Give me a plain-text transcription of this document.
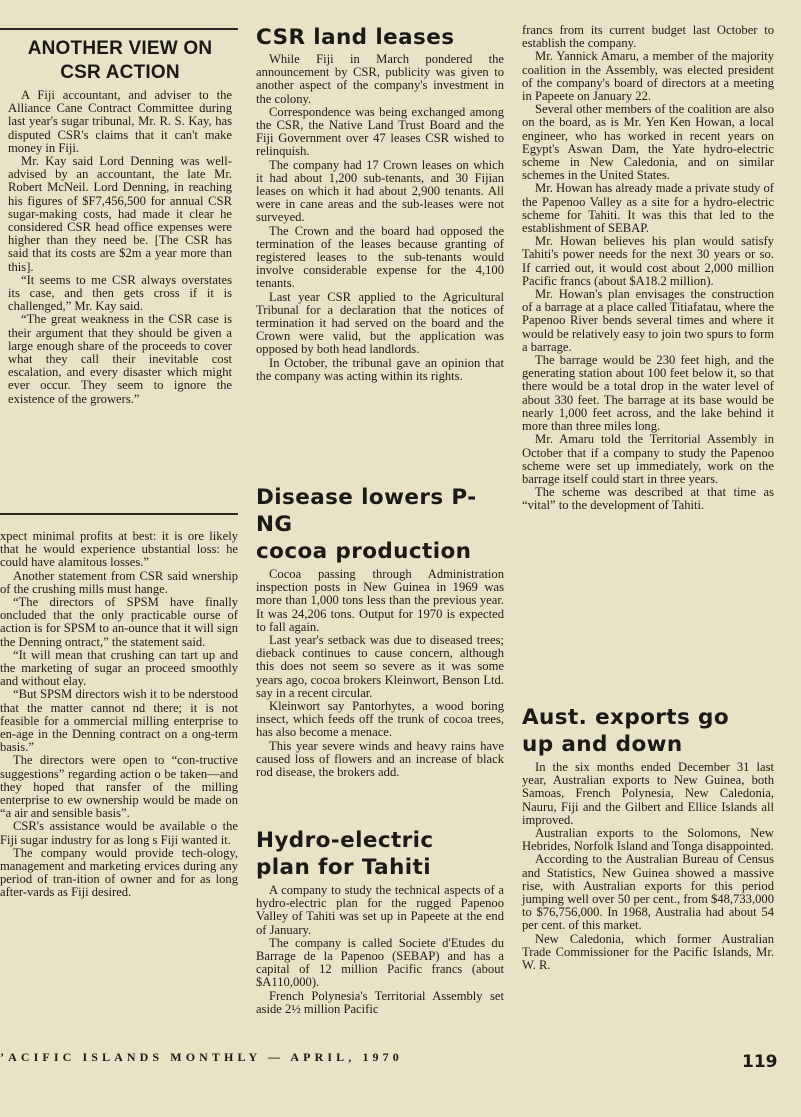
ANOTHER VIEW ON
CSR ACTION

A Fiji accountant, and adviser to the Alliance Cane Contract Committee during last year's sugar tribunal, Mr. R. S. Kay, has disputed CSR's claims that it can't make money in Fiji.

Mr. Kay said Lord Denning was well-advised by an accountant, the late Mr. Robert McNeil. Lord Denning, in reaching his figures of $F7,456,500 for annual CSR sugar-making costs, had made it clear he considered CSR head office expenses were higher than they need be. [The CSR has said that its costs are $2m a year more than this].

“It seems to me CSR always overstates its case, and then gets cross if it is challenged,” Mr. Kay said.

“The great weakness in the CSR case is their argument that they should be given a large enough share of the proceeds to cover what they call their inevitable cost escalation, and every disaster which might ever occur. They seem to ignore the existence of the growers.”

xpect minimal profits at best: it is ore likely that he would experience ubstantial loss: he could have alamitous losses.”

Another statement from CSR said wnership of the crushing mills must hange.

“The directors of SPSM have finally oncluded that the only practicable ourse of action is for SPSM to an-ounce that it will sign the Denning ontract,” the statement said.

“It will mean that crushing can tart up and the marketing of sugar an proceed smoothly and without elay.

“But SPSM directors wish it to be nderstood that the matter cannot nd there; it is not feasible for a ommercial milling enterprise to en-age in the Denning contract on a ong-term basis.”

The directors were open to “con-tructive suggestions” regarding action o be taken—and they hoped that ransfer of the milling enterprise to ew ownership would be made on “a air and sensible basis”.

CSR's assistance would be available o the Fiji sugar industry for as long s Fiji wanted it.

The company would provide tech-ology, management and marketing ervices during any period of tran-ition of owner and for as long after-vards as Fiji desired.

CSR land leases

While Fiji in March pondered the announcement by CSR, publicity was given to another aspect of the company's investment in the colony.

Correspondence was being exchanged among the CSR, the Native Land Trust Board and the Fiji Government over 47 leases CSR wished to relinquish.

The company had 17 Crown leases on which it had about 1,200 sub-tenants, and 30 Fijian leases on which it had about 2,900 tenants. All were in cane areas and the sub-leases were not surveyed.

The Crown and the board had opposed the termination of the leases because granting of registered leases to the sub-tenants would involve considerable expense for the 4,100 tenants.

Last year CSR applied to the Agricultural Tribunal for a declaration that the notices of termination it had served on the board and the Crown were valid, but the application was opposed by both head landlords.

In October, the tribunal gave an opinion that the company was acting within its rights.

Disease lowers P-NG
cocoa production

Cocoa passing through Administration inspection posts in New Guinea in 1969 was more than 1,000 tons less than the previous year. It was 24,206 tons. Output for 1970 is expected to fall again.

Last year's setback was due to diseased trees; dieback continues to cause concern, although this does not seem so severe as it was some years ago, cocoa brokers Kleinwort, Benson Ltd. say in a recent circular.

Kleinwort say Pantorhytes, a wood boring insect, which feeds off the trunk of cocoa trees, has also become a menace.

This year severe winds and heavy rains have caused loss of flowers and an increase of black rod disease, the brokers add.

Hydro-electric
plan for Tahiti

A company to study the technical aspects of a hydro-electric plan for the rugged Papenoo Valley of Tahiti was set up in Papeete at the end of January.

The company is called Societe d'Etudes du Barrage de la Papenoo (SEBAP) and has a capital of 12 million Pacific francs (about $A110,000).

French Polynesia's Territorial Assembly set aside 2½ million Pacific

francs from its current budget last October to establish the company.

Mr. Yannick Amaru, a member of the majority coalition in the Assembly, was elected president of the company's board of directors at a meeting in Papeete on January 22.

Several other members of the coalition are also on the board, as is Mr. Yen Ken Howan, a local engineer, who has worked in recent years on Egypt's Aswan Dam, the Yate hydro-electric scheme in New Caledonia, and on similar schemes in the United States.

Mr. Howan has already made a private study of the Papenoo Valley as a site for a hydro-electric scheme for Tahiti. It was this that led to the establishment of SEBAP.

Mr. Howan believes his plan would satisfy Tahiti's power needs for the next 30 years or so. If carried out, it would cost about 2,000 million Pacific francs (about $A18.2 million).

Mr. Howan's plan envisages the construction of a barrage at a place called Titiafatau, where the Papenoo River bends several times and where it would be relatively easy to join two spurs to form a barrage.

The barrage would be 230 feet high, and the generating station about 100 feet below it, so that there would be a total drop in the water level of about 330 feet. The barrage at its base would be nearly 1,000 feet across, and the lake behind it more than three miles long.

Mr. Amaru told the Territorial Assembly in October that if a company to study the Papenoo scheme were set up immediately, work on the barrage itself could start in three years.

The scheme was described at that time as “vital” to the development of Tahiti.

Aust. exports go
up and down

In the six months ended December 31 last year, Australian exports to New Guinea, both Samoas, French Polynesia, New Caledonia, Nauru, Fiji and the Gilbert and Ellice Islands all improved.

Australian exports to the Solomons, New Hebrides, Norfolk Island and Tonga disappointed.

According to the Australian Bureau of Census and Statistics, New Guinea showed a massive rise, with Australian exports for this period jumping well over 50 per cent., from $48,733,000 to $76,756,000. In 1968, Australia had about 54 per cent. of this market.

New Caledonia, which former Australian Trade Commissioner for the Pacific Islands, Mr. W. R.

’ACIFIC ISLANDS MONTHLY — APRIL, 1970	119
